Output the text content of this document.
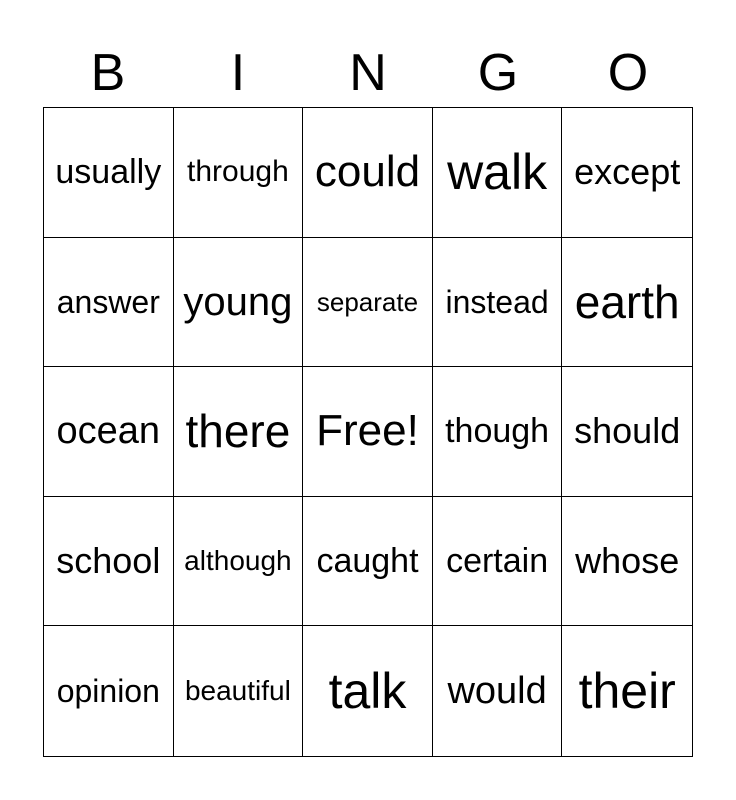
B	I	N	G	O
usually through could walk except
answer young separate instead earth
ocean there Free! though should
school although caught certain whose
opinion beautiful talk would their
